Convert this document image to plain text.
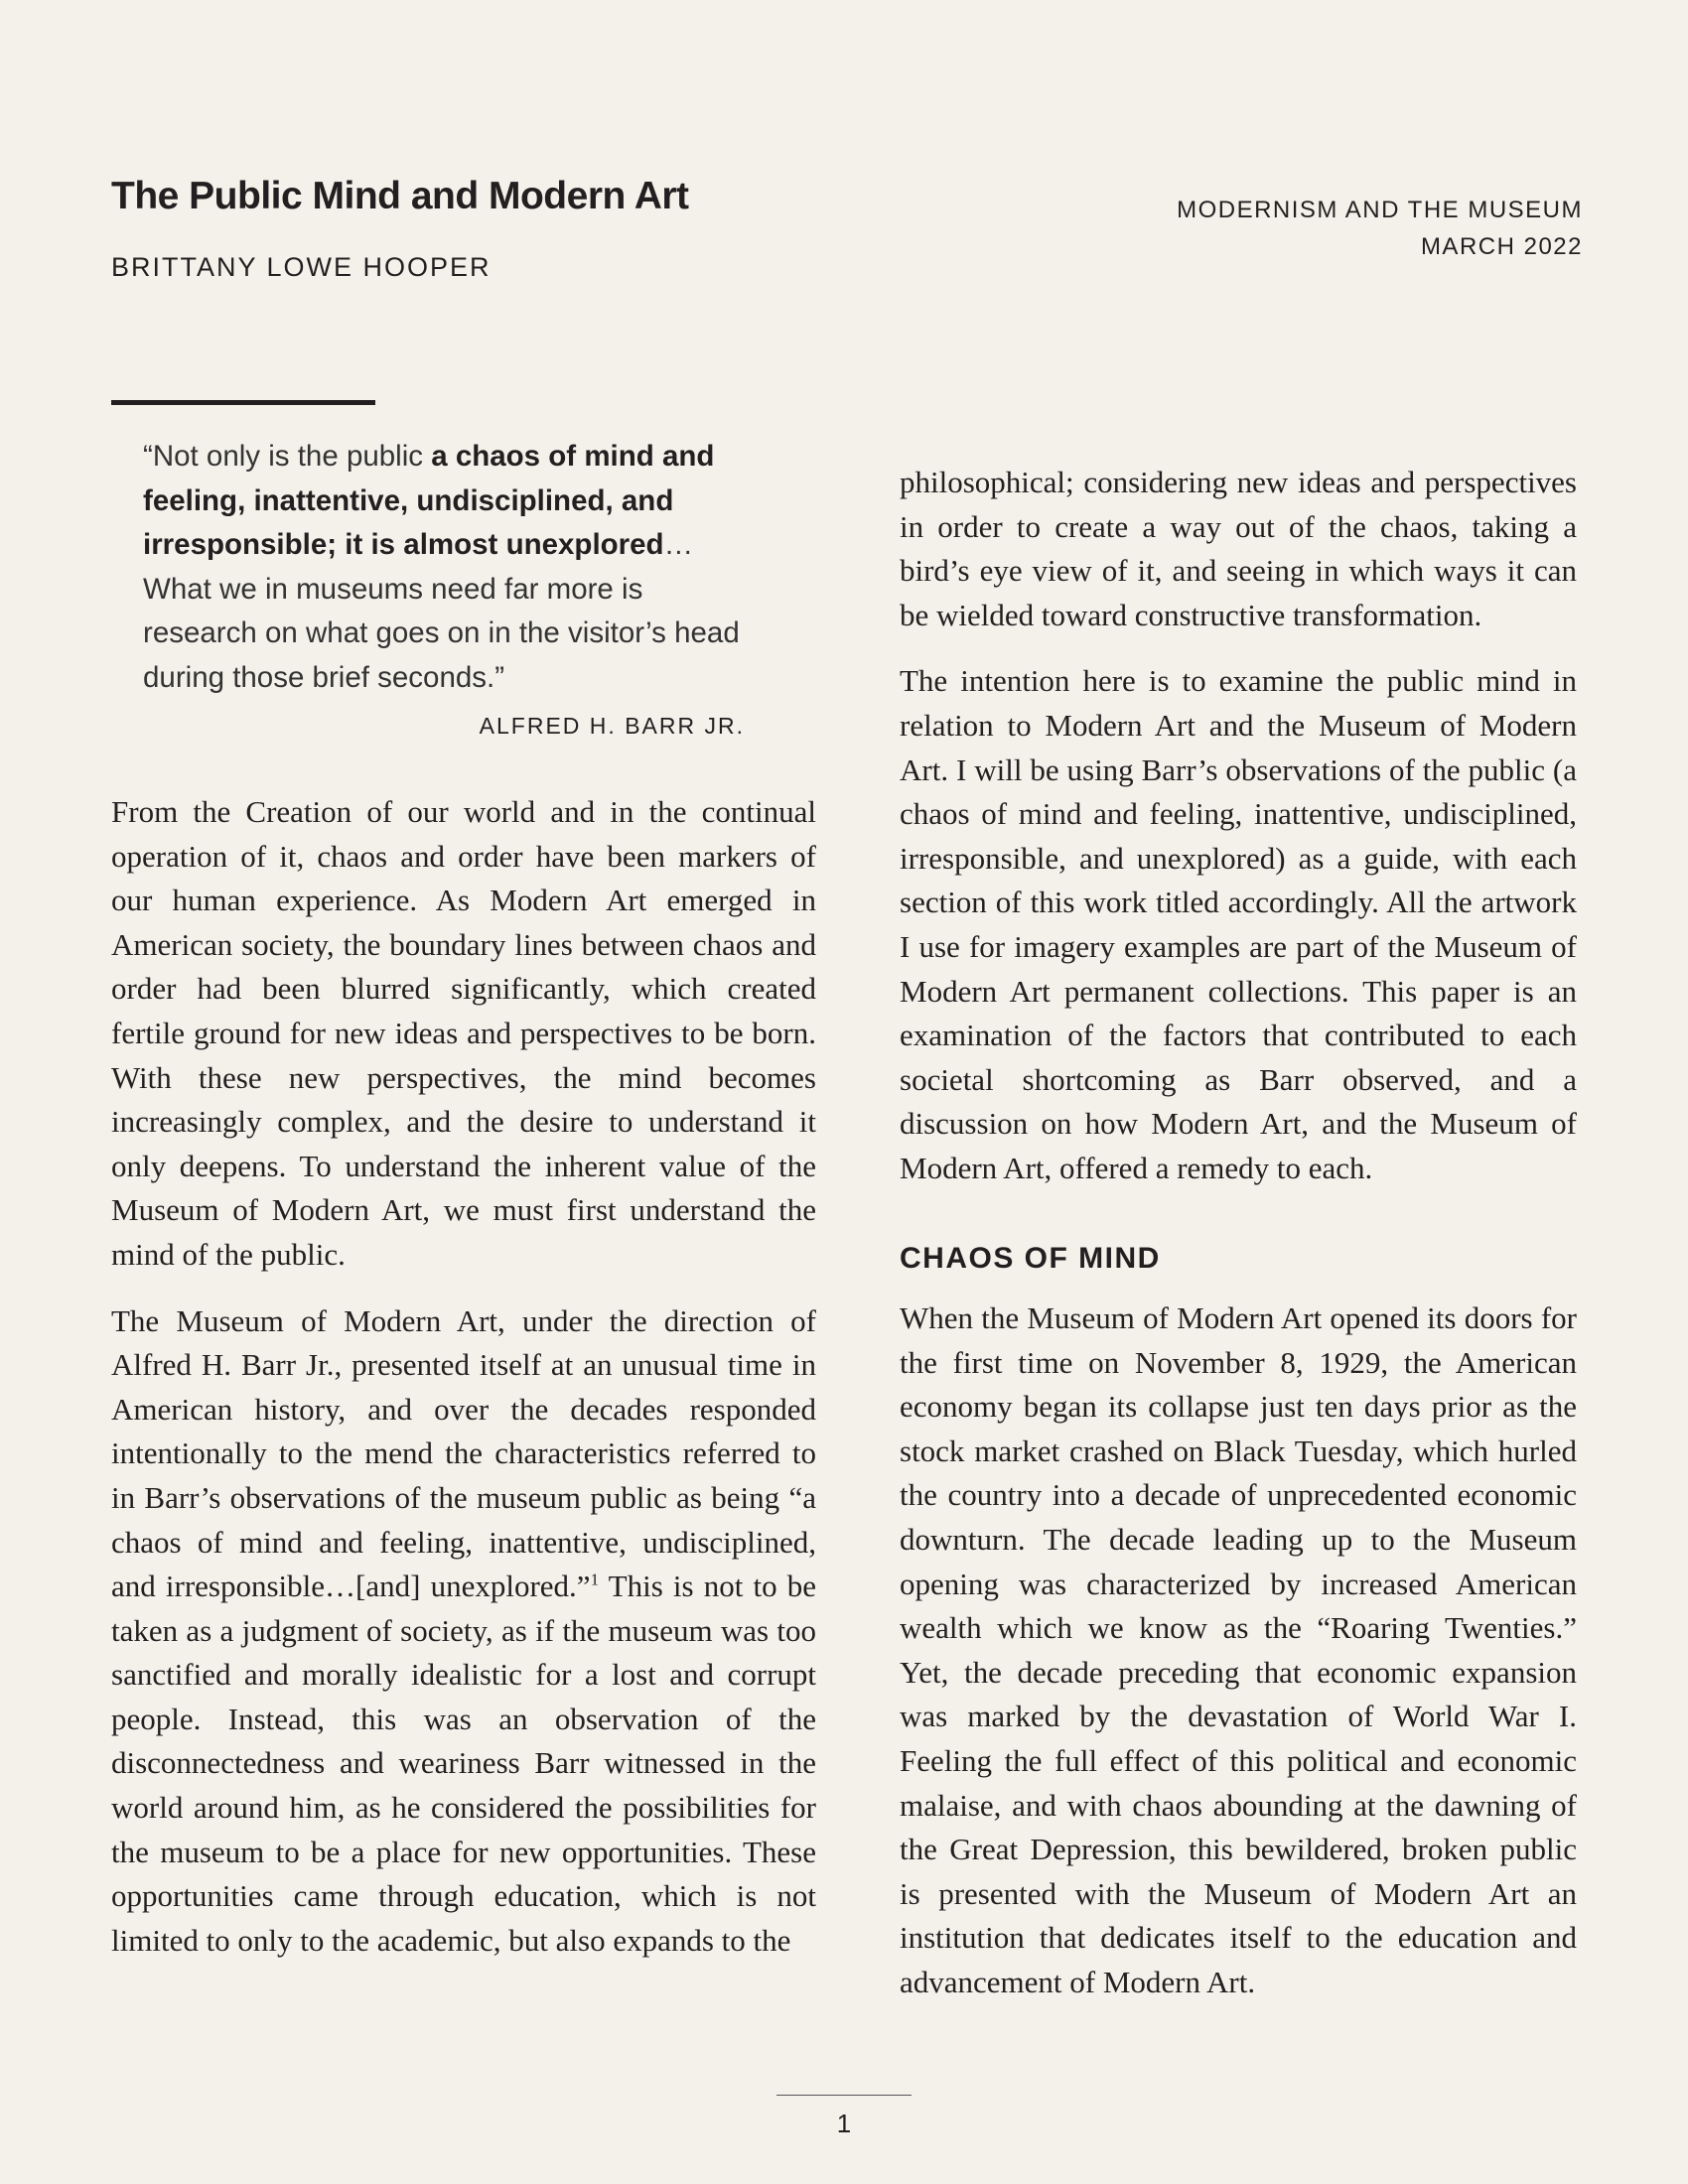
The Public Mind and Modern Art
BRITTANY LOWE HOOPER
MODERNISM AND THE MUSEUM
MARCH 2022
“Not only is the public a chaos of mind and feeling, inattentive, undisciplined, and irresponsible; it is almost unexplored… What we in museums need far more is research on what goes on in the visitor’s head during those brief seconds.”
ALFRED H. BARR JR.

From the Creation of our world and in the continual operation of it, chaos and order have been markers of our human experience. As Modern Art emerged in American society, the boundary lines between chaos and order had been blurred significantly, which created fertile ground for new ideas and perspectives to be born. With these new perspectives, the mind becomes increasingly complex, and the desire to understand it only deepens. To understand the inherent value of the Museum of Modern Art, we must first understand the mind of the public.

The Museum of Modern Art, under the direction of Alfred H. Barr Jr., presented itself at an unusual time in American history, and over the decades responded intentionally to the mend the characteristics referred to in Barr’s observations of the museum public as being “a chaos of mind and feeling, inattentive, undisciplined, and irresponsible…[and] unexplored.”$^1$ This is not to be taken as a judgment of society, as if the museum was too sanctified and morally idealistic for a lost and corrupt people. Instead, this was an observation of the disconnectedness and weariness Barr witnessed in the world around him, as he considered the possibilities for the museum to be a place for new opportunities. These opportunities came through education, which is not limited to only to the academic, but also expands to the

philosophical; considering new ideas and perspectives in order to create a way out of the chaos, taking a bird’s eye view of it, and seeing in which ways it can be wielded toward constructive transformation.

The intention here is to examine the public mind in relation to Modern Art and the Museum of Modern Art. I will be using Barr’s observations of the public (a chaos of mind and feeling, inattentive, undisciplined, irresponsible, and unexplored) as a guide, with each section of this work titled accordingly. All the artwork I use for imagery examples are part of the Museum of Modern Art permanent collections. This paper is an examination of the factors that contributed to each societal shortcoming as Barr observed, and a discussion on how Modern Art, and the Museum of Modern Art, offered a remedy to each.

CHAOS OF MIND

When the Museum of Modern Art opened its doors for the first time on November 8, 1929, the American economy began its collapse just ten days prior as the stock market crashed on Black Tuesday, which hurled the country into a decade of unprecedented economic downturn. The decade leading up to the Museum opening was characterized by increased American wealth which we know as the “Roaring Twenties.” Yet, the decade preceding that economic expansion was marked by the devastation of World War I. Feeling the full effect of this political and economic malaise, and with chaos abounding at the dawning of the Great Depression, this bewildered, broken public is presented with the Museum of Modern Art an institution that dedicates itself to the education and advancement of Modern Art.

1
